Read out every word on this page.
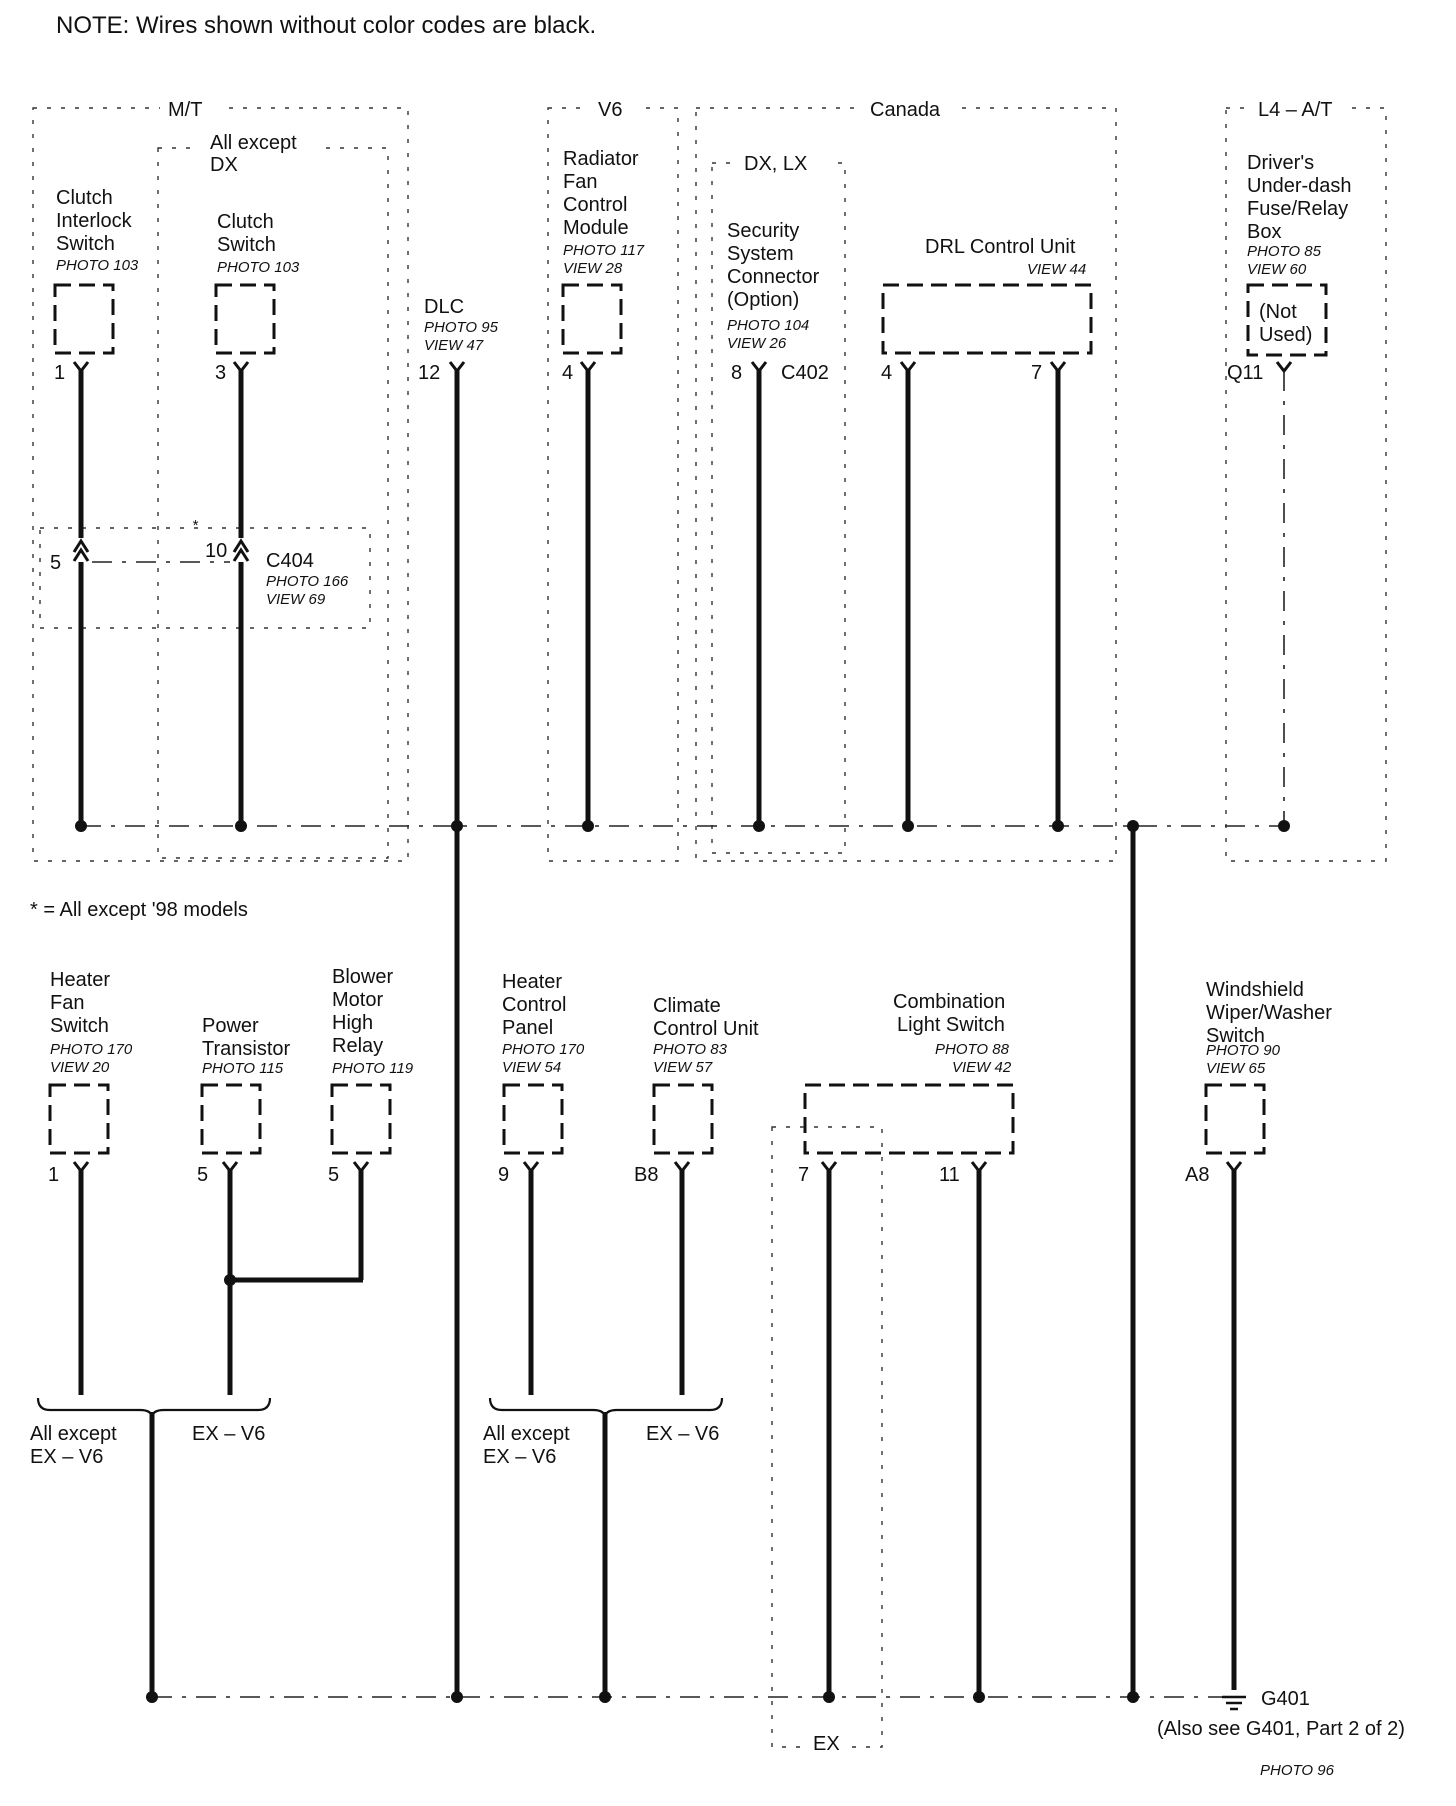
NOTE: Wires shown without color codes are black.
M/T
All except
DX
V6	Canada
DX, LX
L4 – A/T
Clutch
Interlock
Switch
PHOTO 103
1
Clutch
Switch
PHOTO 103
3
DLC
PHOTO 95
VIEW 47
12
Radiator
Fan
Control
Module
PHOTO 117
VIEW 28
4
Security
System
Connector
(Option)
PHOTO 104
VIEW 26
8 C402
DRL Control Unit
VIEW 44
4	7
Driver's
Under-dash
Fuse/Relay
Box
PHOTO 85
VIEW 60
(Not
Used)
Q11
5
10
*
C404
PHOTO 166
VIEW 69
* = All except '98 models
Heater
Fan
Switch
PHOTO 170
VIEW 20
1
Power
Transistor
PHOTO 115
5
Blower
Motor
High
Relay
PHOTO 119
5
Heater
Control
Panel
PHOTO 170
VIEW 54
9
Climate
Control Unit
PHOTO 83
VIEW 57
B8
Combination
Light Switch
PHOTO 88
VIEW 42
7	11
EX
Windshield
Wiper/Washer
Switch
PHOTO 90
VIEW 65
A8
All except
EX – V6
EX – V6	All except
EX – V6
EX – V6
G401
(Also see G401, Part 2 of 2)
PHOTO 96
